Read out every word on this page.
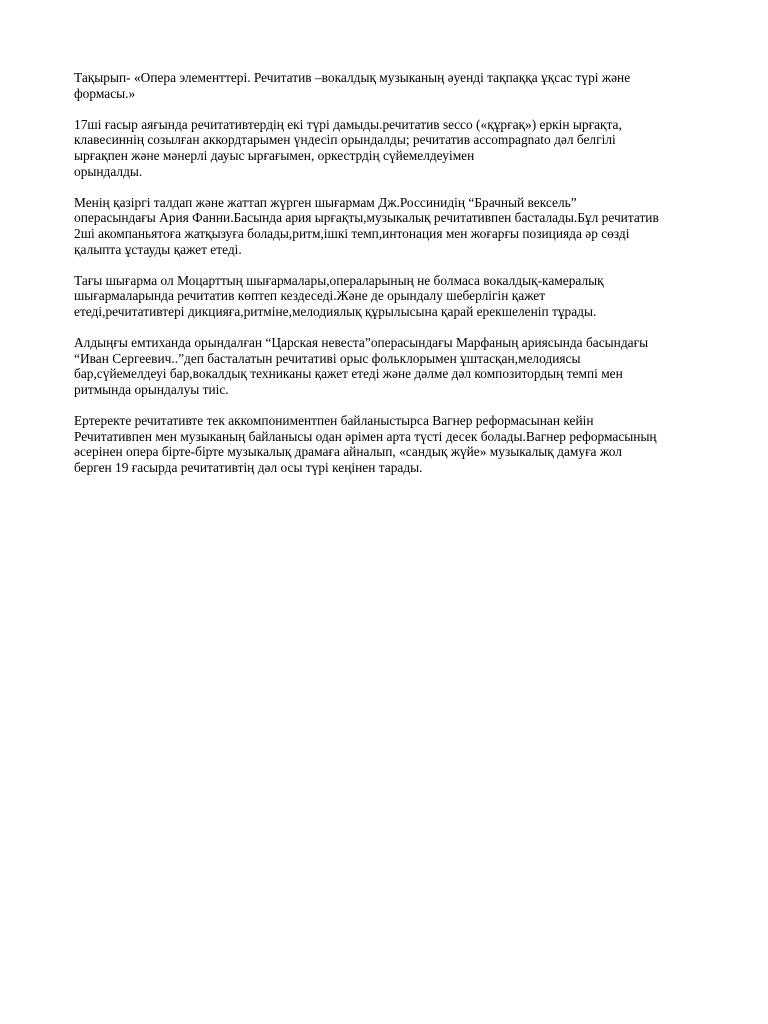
Тақырып- «Опера элементтері. Речитатив –вокалдық музыканың әуенді тақпаққа ұқсас түрі және
формасы.»

17ші ғасыр аяғында речитативтердің екі түрі дамыды.речитатив secco («құрғақ») еркін ырғақта,
клавесиннің созылған аккордтарымен үндесіп орындалды; речитатив accompagnato дәл белгілі
ырғақпен және мәнерлі дауыс ырғағымен, оркестрдің сүйемелдеуімен
орындалды.

Менің қазіргі талдап және жаттап жүрген шығармам Дж.Россинидің “Брачный вексель”
операсындағы Ария Фанни.Басында ария ырғақты,музыкалық речитативпен басталады.Бұл речитатив
2ші акомпаньятоға жатқызуға болады,ритм,ішкі темп,интонация мен жоғарғы позицияда әр сөзді
қалыпта ұстауды қажет етеді.

Тағы шығарма ол Моцарттың шығармалары,операларының не болмаса вокалдық-камералық
шығармаларында речитатив көптеп кездеседі.Және де орындалу шеберлігін қажет
етеді,речитативтері дикцияға,ритміне,мелодиялық құрылысына қарай ерекшеленіп тұрады.

Алдыңғы емтиханда орындалған “Царская невеста”операсындағы Марфаның ариясында басындағы
“Иван Сергеевич..”деп басталатын речитативі орыс фольклорымен ұштасқан,мелодиясы
бар,сүйемелдеуі бар,вокалдық техниканы қажет етеді және дәлме дәл композитордың темпі мен
ритмында орындалуы тиіс.

Ертеректе речитативте тек аккомпониментпен байланыстырса Вагнер реформасынан кейін
Речитативпен мен музыканың байланысы одан әрімен арта түсті десек болады.Вагнер реформасының
әсерінен опера бірте-бірте музыкалық драмаға айналып, «сандық жүйе» музыкалық дамуға жол
берген 19 ғасырда речитативтің дәл осы түрі кеңінен тарады.
